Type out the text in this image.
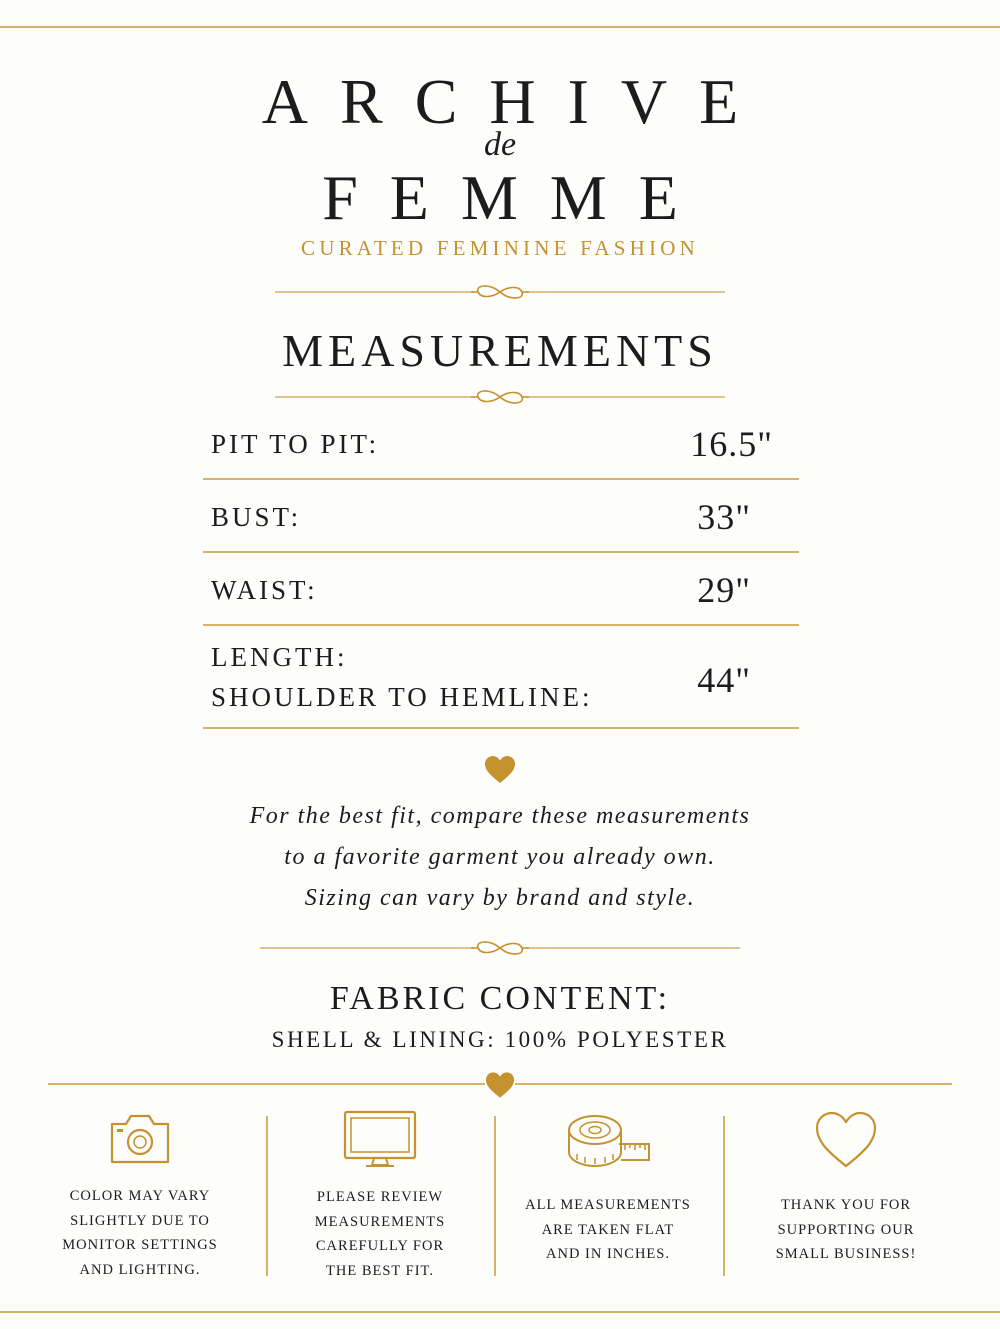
ARCHIVE
de
FEMME
CURATED FEMININE FASHION
MEASUREMENTS
PIT TO PIT:	16.5"
BUST:	33"
WAIST:	29"
LENGTH:
SHOULDER TO HEMLINE:	44"
For the best fit, compare these measurements
to a favorite garment you already own.
Sizing can vary by brand and style.
FABRIC CONTENT:
SHELL & LINING: 100% POLYESTER
COLOR MAY VARY
SLIGHTLY DUE TO
MONITOR SETTINGS
AND LIGHTING.
PLEASE REVIEW
MEASUREMENTS
CAREFULLY FOR
THE BEST FIT.
ALL MEASUREMENTS
ARE TAKEN FLAT
AND IN INCHES.
THANK YOU FOR
SUPPORTING OUR
SMALL BUSINESS!
